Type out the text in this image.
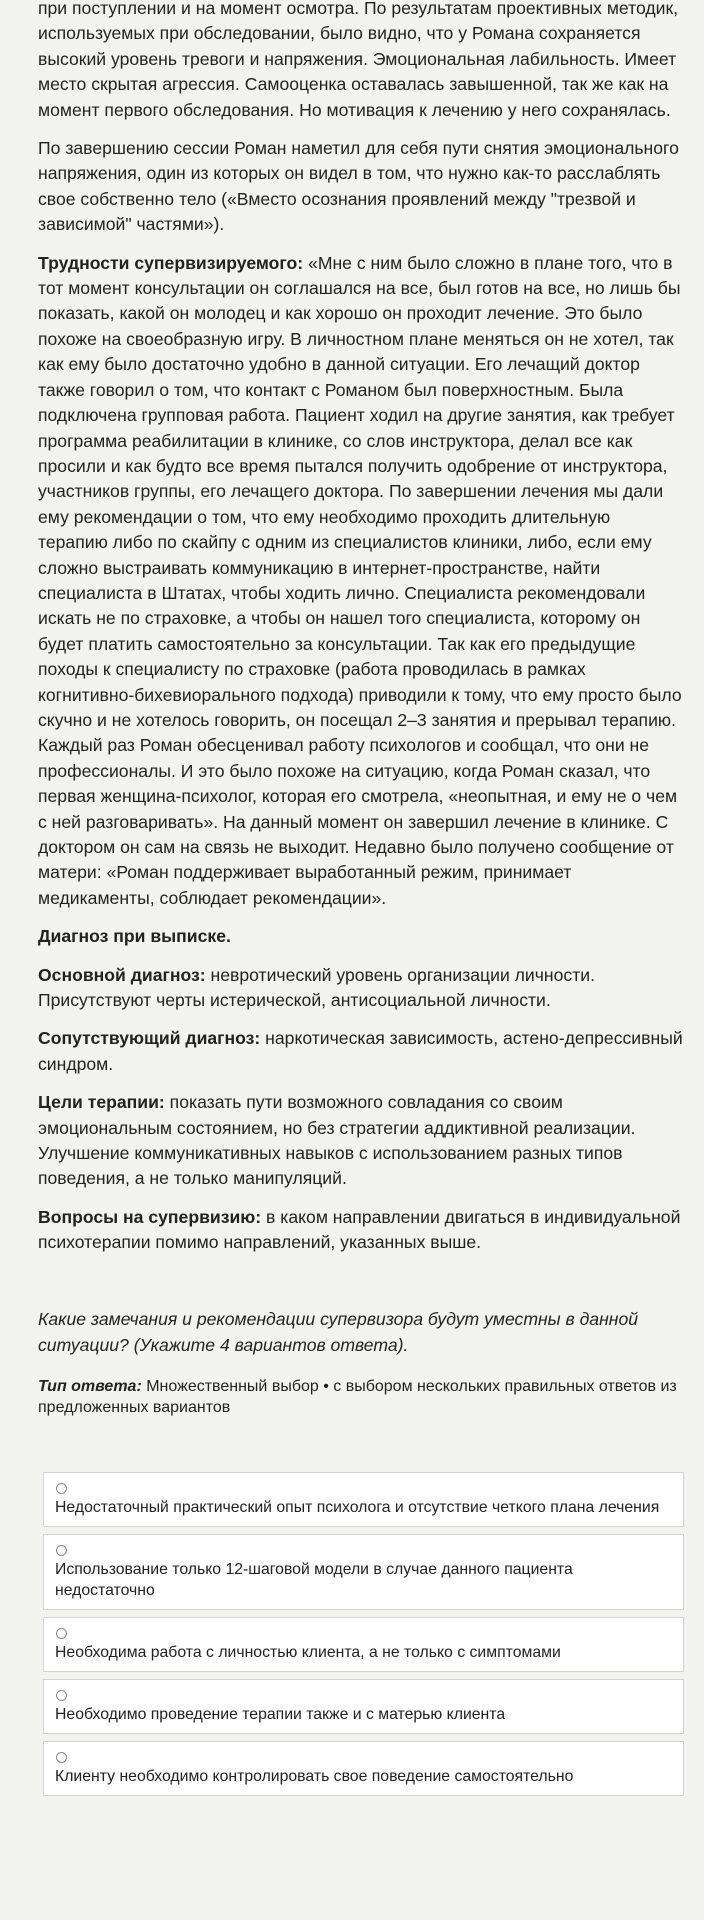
при поступлении и на момент осмотра. По результатам проективных методик, используемых при обследовании, было видно, что у Романа сохраняется высокий уровень тревоги и напряжения. Эмоциональная лабильность. Имеет место скрытая агрессия. Самооценка оставалась завышенной, так же как на момент первого обследования. Но мотивация к лечению у него сохранялась.

По завершению сессии Роман наметил для себя пути снятия эмоционального напряжения, один из которых он видел в том, что нужно как-то расслаблять свое собственно тело («Вместо осознания проявлений между "трезвой и зависимой" частями»).

Трудности супервизируемого: «Мне с ним было сложно в плане того, что в тот момент консультации он соглашался на все, был готов на все, но лишь бы показать, какой он молодец и как хорошо он проходит лечение. Это было похоже на своеобразную игру. В личностном плане меняться он не хотел, так как ему было достаточно удобно в данной ситуации. Его лечащий доктор также говорил о том, что контакт с Романом был поверхностным. Была подключена групповая работа. Пациент ходил на другие занятия, как требует программа реабилитации в клинике, со слов инструктора, делал все как просили и как будто все время пытался получить одобрение от инструктора, участников группы, его лечащего доктора. По завершении лечения мы дали ему рекомендации о том, что ему необходимо проходить длительную терапию либо по скайпу с одним из специалистов клиники, либо, если ему сложно выстраивать коммуникацию в интернет-пространстве, найти специалиста в Штатах, чтобы ходить лично. Специалиста рекомендовали искать не по страховке, а чтобы он нашел того специалиста, которому он будет платить самостоятельно за консультации. Так как его предыдущие походы к специалисту по страховке (работа проводилась в рамках когнитивно-бихевиорального подхода) приводили к тому, что ему просто было скучно и не хотелось говорить, он посещал 2–3 занятия и прерывал терапию. Каждый раз Роман обесценивал работу психологов и сообщал, что они не профессионалы. И это было похоже на ситуацию, когда Роман сказал, что первая женщина-психолог, которая его смотрела, «неопытная, и ему не о чем с ней разговаривать». На данный момент он завершил лечение в клинике. С доктором он сам на связь не выходит. Недавно было получено сообщение от матери: «Роман поддерживает выработанный режим, принимает медикаменты, соблюдает рекомендации».

Диагноз при выписке.

Основной диагноз: невротический уровень организации личности. Присутствуют черты истерической, антисоциальной личности.

Сопутствующий диагноз: наркотическая зависимость, астено-депрессивный синдром.

Цели терапии: показать пути возможного совладания со своим эмоциональным состоянием, но без стратегии аддиктивной реализации. Улучшение коммуникативных навыков с использованием разных типов поведения, а не только манипуляций.

Вопросы на супервизию: в каком направлении двигаться в индивидуальной психотерапии помимо направлений, указанных выше.

Какие замечания и рекомендации супервизора будут уместны в данной ситуации? (Укажите 4 вариантов ответа).

Тип ответа: Множественный выбор • с выбором нескольких правильных ответов из предложенных вариантов

Недостаточный практический опыт психолога и отсутствие четкого плана лечения
Использование только 12-шаговой модели в случае данного пациента недостаточно
Необходима работа с личностью клиента, а не только с симптомами
Необходимо проведение терапии также и с матерью клиента
Клиенту необходимо контролировать свое поведение самостоятельно
